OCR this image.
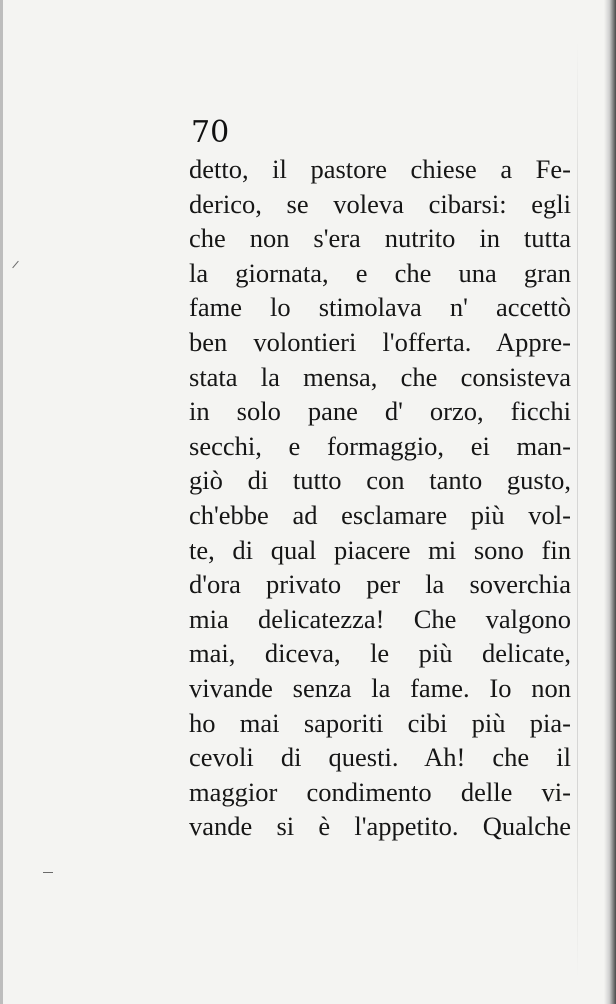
70
detto, il pastore chiese a Fe-
derico, se voleva cibarsi: egli
che non s'era nutrito in tutta
la giornata, e che una gran
fame lo stimolava n' accettò
ben volontieri l'offerta. Appre-
stata la mensa, che consisteva
in solo pane d' orzo, ficchi
secchi, e formaggio, ei man-
giò di tutto con tanto gusto,
ch'ebbe ad esclamare più vol-
te, di qual piacere mi sono fin
d'ora privato per la soverchia
mia delicatezza! Che valgono
mai, diceva, le più delicate,
vivande senza la fame. Io non
ho mai saporiti cibi più pia-
cevoli di questi. Ah! che il
maggior condimento delle vi-
vande si è l'appetito. Qualche
